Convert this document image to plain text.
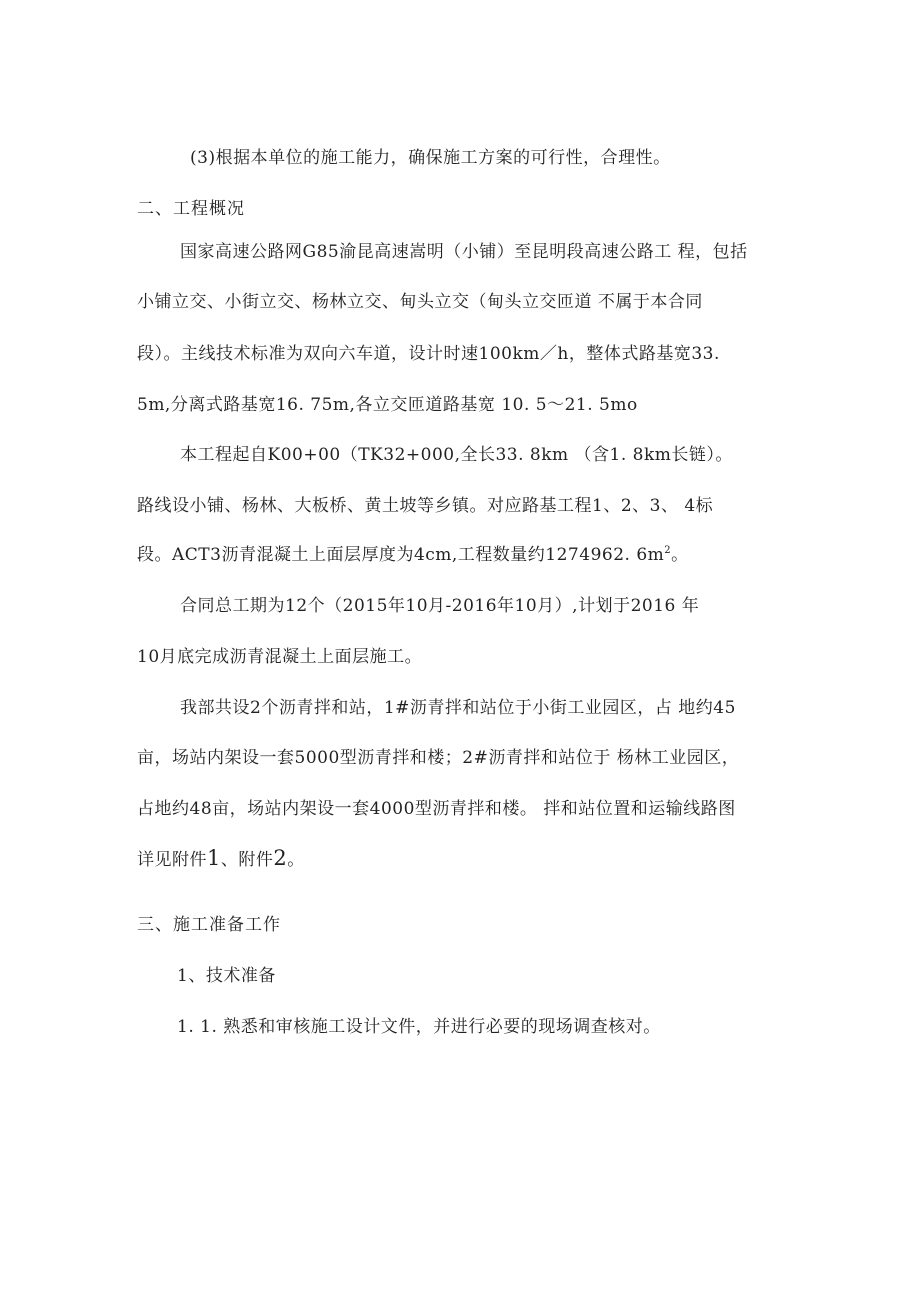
(3)根据本单位的施工能力，确保施工方案的可行性，合理性。
二、工程概况
国家高速公路网G85渝昆高速嵩明（小铺）至昆明段高速公路工 程，包括
小铺立交、小街立交、杨林立交、甸头立交（甸头立交匝道 不属于本合同
段）。主线技术标准为双向六车道，设计时速100km／h，整体式路基宽33.
5m,分离式路基宽16. 75m,各立交匝道路基宽 10. 5～21. 5mo
本工程起自K00+00（TK32+000,全长33. 8km （含1. 8km长链）。
路线设小铺、杨林、大板桥、黄土坡等乡镇。对应路基工程1、2、3、 4标
段。ACT3沥青混凝土上面层厚度为4cm,工程数量约1274962. $6m^2$。
合同总工期为12个（2015年10月-2016年10月）,计划于2016 年
10月底完成沥青混凝土上面层施工。
我部共设2个沥青拌和站，1#沥青拌和站位于小街工业园区，占 地约45
亩，场站内架设一套5000型沥青拌和楼；2#沥青拌和站位于 杨林工业园区，
占地约48亩，场站内架设一套4000型沥青拌和楼。 拌和站位置和运输线路图
详见附件1、附件2。
三、施工准备工作
1、技术准备
1. 1. 熟悉和审核施工设计文件，并进行必要的现场调查核对。
